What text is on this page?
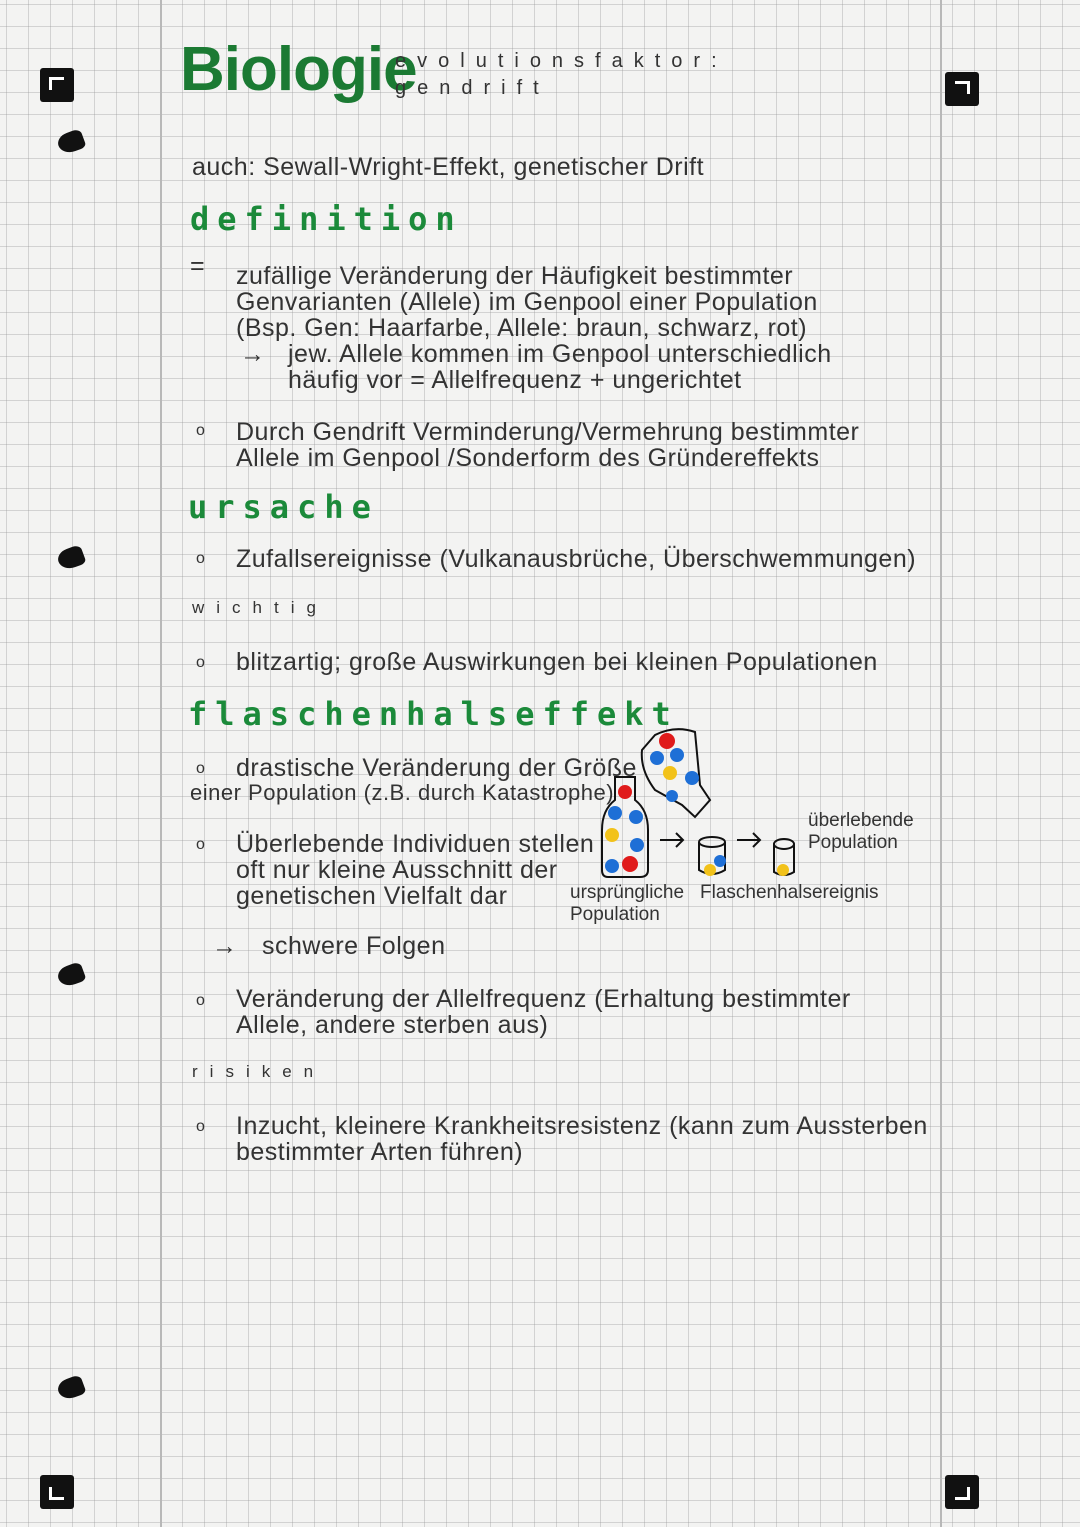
Biologie
evolutionsfaktor:
gendrift
auch: Sewall-Wright-Effekt, genetischer Drift
definition
= zufällige Veränderung der Häufigkeit bestimmter
Genvarianten (Allele) im Genpool einer Population
(Bsp. Gen: Haarfarbe, Allele: braun, schwarz, rot)
→ jew. Allele kommen im Genpool unterschiedlich
häufig vor = Allelfrequenz + ungerichtet
o Durch Gendrift Verminderung/Vermehrung bestimmter
Allele im Genpool /Sonderform des Gründereffekts
ursache
o Zufallsereignisse (Vulkanausbrüche, Überschwemmungen)
wichtig
o blitzartig; große Auswirkungen bei kleinen Populationen
flaschenhalseffekt
o drastische Veränderung der Größe
einer Population (z.B. durch Katastrophe)
o Überlebende Individuen stellen
oft nur kleine Ausschnitt der
genetischen Vielfalt dar
→ schwere Folgen
o Veränderung der Allelfrequenz (Erhaltung bestimmter
Allele, andere sterben aus)
ursprüngliche Population
Flaschenhalsereignis
überlebende Population
risiken
o Inzucht, kleinere Krankheitsresistenz (kann zum Aussterben
bestimmter Arten führen)
